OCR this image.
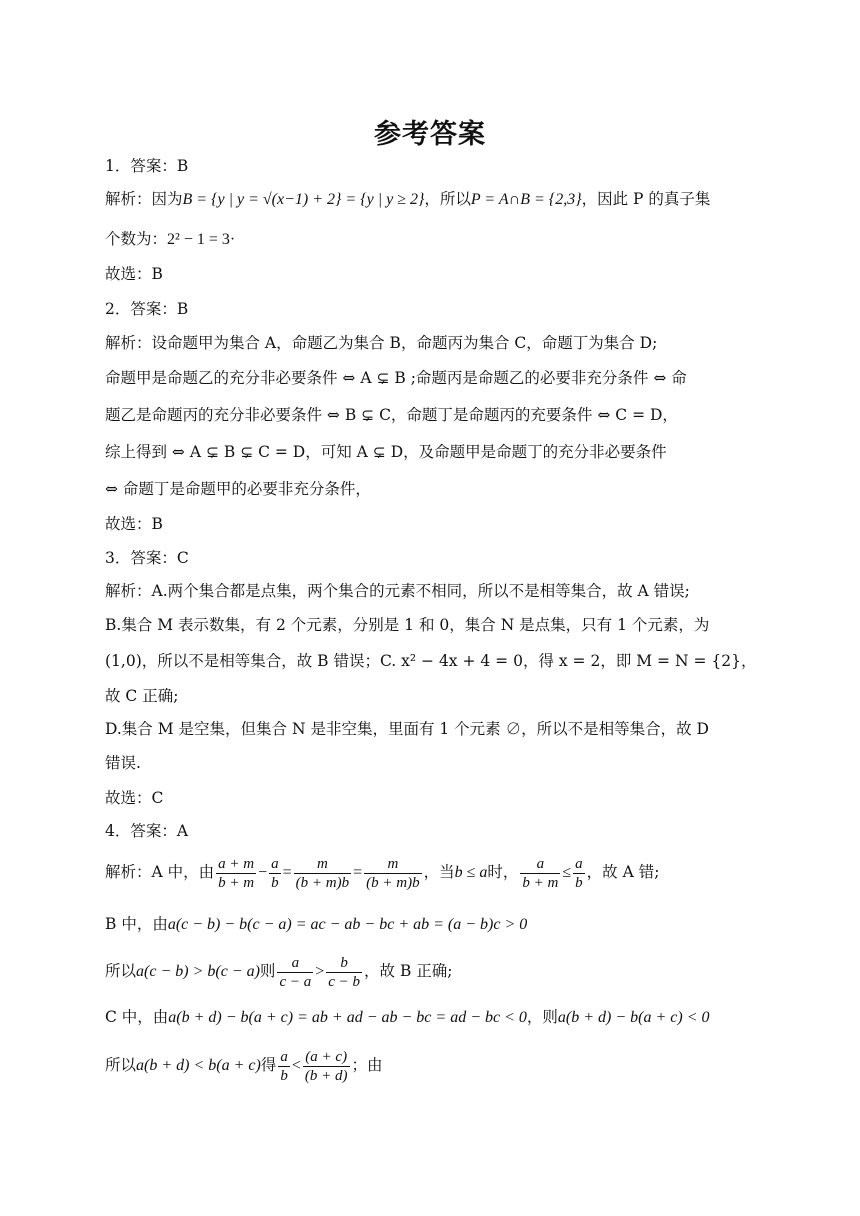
参考答案
1．答案：B
解析：因为B = {y | y = √(x−1) + 2} = {y | y ≥ 2}，所以P = A∩B = {2,3}，因此 P 的真子集
个数为：2² − 1 = 3·
故选：B
2．答案：B
解析：设命题甲为集合 A，命题乙为集合 B，命题丙为集合 C，命题丁为集合 D;
命题甲是命题乙的充分非必要条件 ⇔ A ⊊ B ;命题丙是命题乙的必要非充分条件 ⇔ 命
题乙是命题丙的充分非必要条件 ⇔ B ⊊ C，命题丁是命题丙的充要条件 ⇔ C = D，
综上得到 ⇔ A ⊊ B ⊊ C = D，可知 A ⊊ D，及命题甲是命题丁的充分非必要条件
⇔ 命题丁是命题甲的必要非充分条件，
故选：B
3．答案：C
解析：A.两个集合都是点集，两个集合的元素不相同，所以不是相等集合，故 A 错误;
B.集合 M 表示数集，有 2 个元素，分别是 1 和 0，集合 N 是点集，只有 1 个元素，为
(1,0)，所以不是相等集合，故 B 错误；C. x² − 4x + 4 = 0，得 x = 2，即 M = N = {2}，
故 C 正确;
D.集合 M 是空集，但集合 N 是非空集，里面有 1 个元素 ∅，所以不是相等集合，故 D
错误.
故选：C
4．答案：A
解析：A 中，由 $\frac{a + m}{b + m} - \frac{a}{b} = \frac{m}{(b + m)b} = \frac{m}{(b + m)b}$ ，当b ≤ a时， $\frac{a}{b + m} \le \frac{a}{b}$ ，故 A 错;
B 中，由a(c − b) − b(c − a) = ac − ab − bc + ab = (a − b)c > 0
所以a(c − b) > b(c − a)则 $\frac{a}{c - a} > \frac{b}{c - b}$ ，故 B 正确;
C 中，由a(b + d) − b(a + c) = ab + ad − ab − bc = ad − bc < 0，则a(b + d) − b(a + c) < 0
所以a(b + d) < b(a + c)得 $\frac{a}{b} < \frac{(a + c)}{(b + d)}$ ；由
